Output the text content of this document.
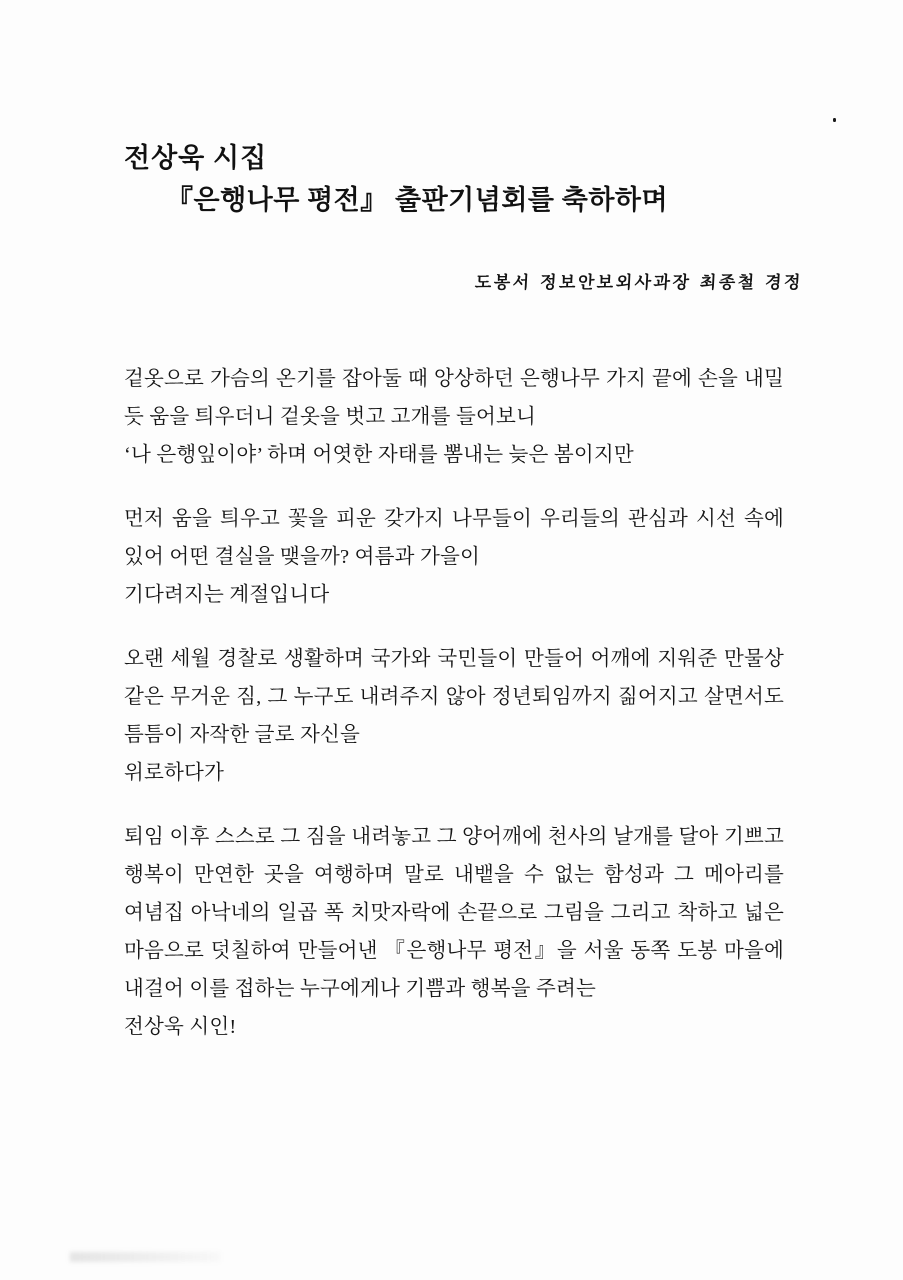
전상욱 시집
『은행나무 평전』 출판기념회를 축하하며
도봉서 정보안보외사과장 최종철 경정

겉옷으로 가슴의 온기를 잡아둘 때 앙상하던 은행나무 가지 끝에 손을 내밀 듯 움을 틔우더니 겉옷을 벗고 고개를 들어보니
‘나 은행잎이야’ 하며 어엿한 자태를 뽐내는 늦은 봄이지만

먼저 움을 틔우고 꽃을 피운 갖가지 나무들이 우리들의 관심과 시선 속에 있어 어떤 결실을 맺을까? 여름과 가을이
기다려지는 계절입니다

오랜 세월 경찰로 생활하며 국가와 국민들이 만들어 어깨에 지워준 만물상 같은 무거운 짐, 그 누구도 내려주지 않아 정년퇴임까지 짊어지고 살면서도 틈틈이 자작한 글로 자신을
위로하다가

퇴임 이후 스스로 그 짐을 내려놓고 그 양어깨에 천사의 날개를 달아 기쁘고 행복이 만연한 곳을 여행하며 말로 내뱉을 수 없는 함성과 그 메아리를 여념집 아낙네의 일곱 폭 치맛자락에 손끝으로 그림을 그리고 착하고 넓은 마음으로 덧칠하여 만들어낸 『은행나무 평전』을 서울 동쪽 도봉 마을에 내걸어 이를 접하는 누구에게나 기쁨과 행복을 주려는
전상욱 시인!
